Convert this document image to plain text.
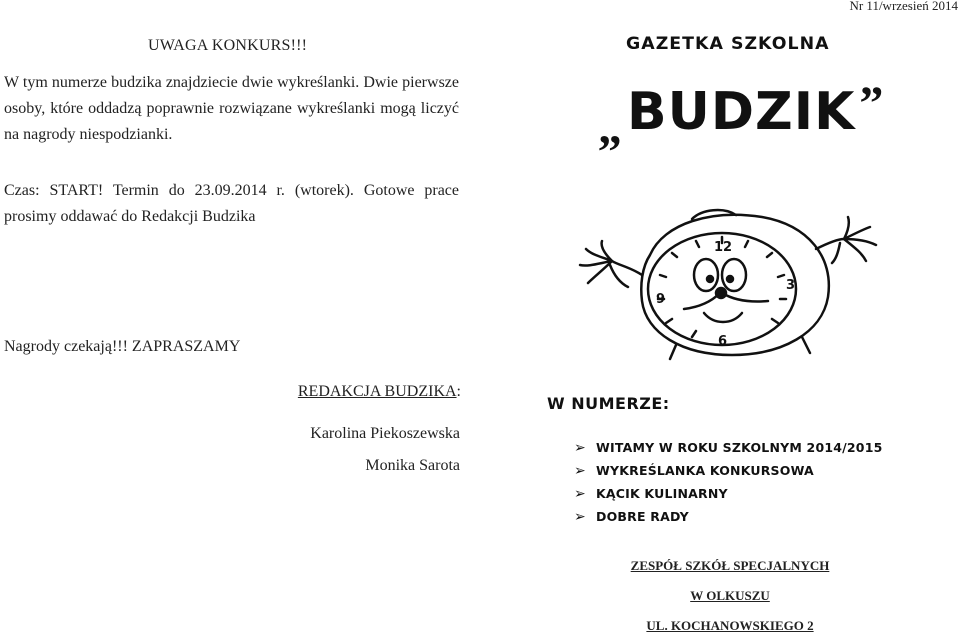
UWAGA KONKURS!!!

W tym numerze budzika znajdziecie dwie wykreślanki. Dwie pierwsze osoby, które oddadzą poprawnie rozwiązane wykreślanki mogą liczyć na nagrody niespodzianki.

Czas: START! Termin do 23.09.2014 r. (wtorek). Gotowe prace prosimy oddawać do Redakcji Budzika

Nagrody czekają!!! ZAPRASZAMY
REDAKCJA BUDZIKA:
Karolina Piekoszewska
Monika Sarota
Nr 11/wrzesień 2014
GAZETKA SZKOLNA
„BUDZIK”
12
3
6
9
W NUMERZE:
➢ WITAMY W ROKU SZKOLNYM 2014/2015
➢ WYKREŚLANKA KONKURSOWA
➢ KĄCIK KULINARNY
➢ DOBRE RADY
ZESPÓŁ SZKÓŁ SPECJALNYCH
W OLKUSZU
UL. KOCHANOWSKIEGO 2
